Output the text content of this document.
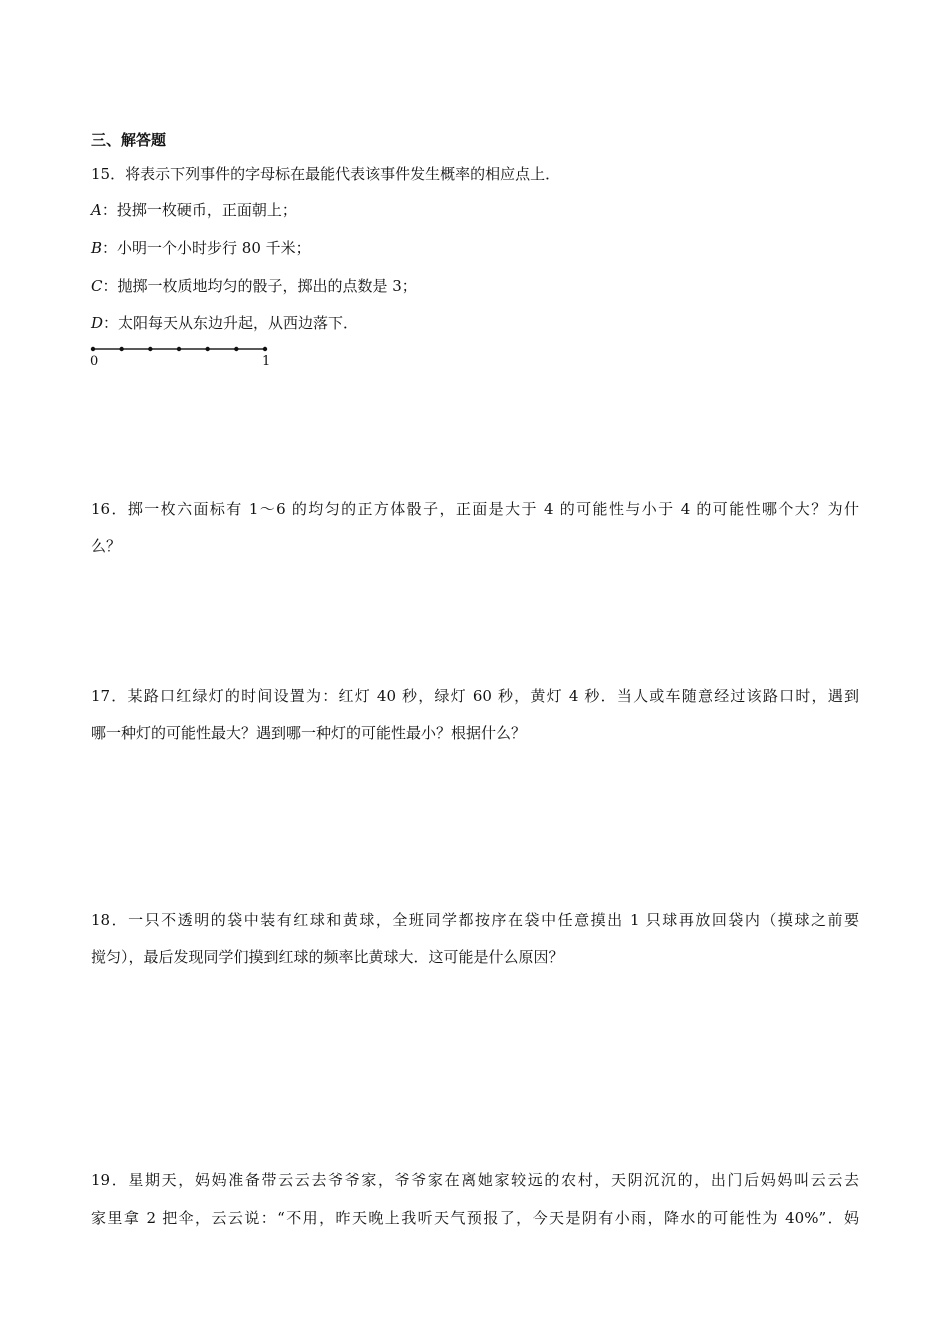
三、解答题
15．将表示下列事件的字母标在最能代表该事件发生概率的相应点上．
A：投掷一枚硬币，正面朝上；
B：小明一个小时步行 80 千米；
C：抛掷一枚质地均匀的骰子，掷出的点数是 3；
D：太阳每天从东边升起，从西边落下．
0	1
16．掷一枚六面标有 1～6 的均匀的正方体骰子，正面是大于 4 的可能性与小于 4 的可能性哪个大？为什
么？
17．某路口红绿灯的时间设置为：红灯 40 秒，绿灯 60 秒，黄灯 4 秒．当人或车随意经过该路口时，遇到
哪一种灯的可能性最大？遇到哪一种灯的可能性最小？根据什么？
18．一只不透明的袋中装有红球和黄球，全班同学都按序在袋中任意摸出 1 只球再放回袋内（摸球之前要
搅匀），最后发现同学们摸到红球的频率比黄球大．这可能是什么原因？
19．星期天，妈妈准备带云云去爷爷家，爷爷家在离她家较远的农村，天阴沉沉的，出门后妈妈叫云云去
家里拿 2 把伞，云云说：“不用，昨天晚上我听天气预报了，今天是阴有小雨，降水的可能性为 40%”．妈
